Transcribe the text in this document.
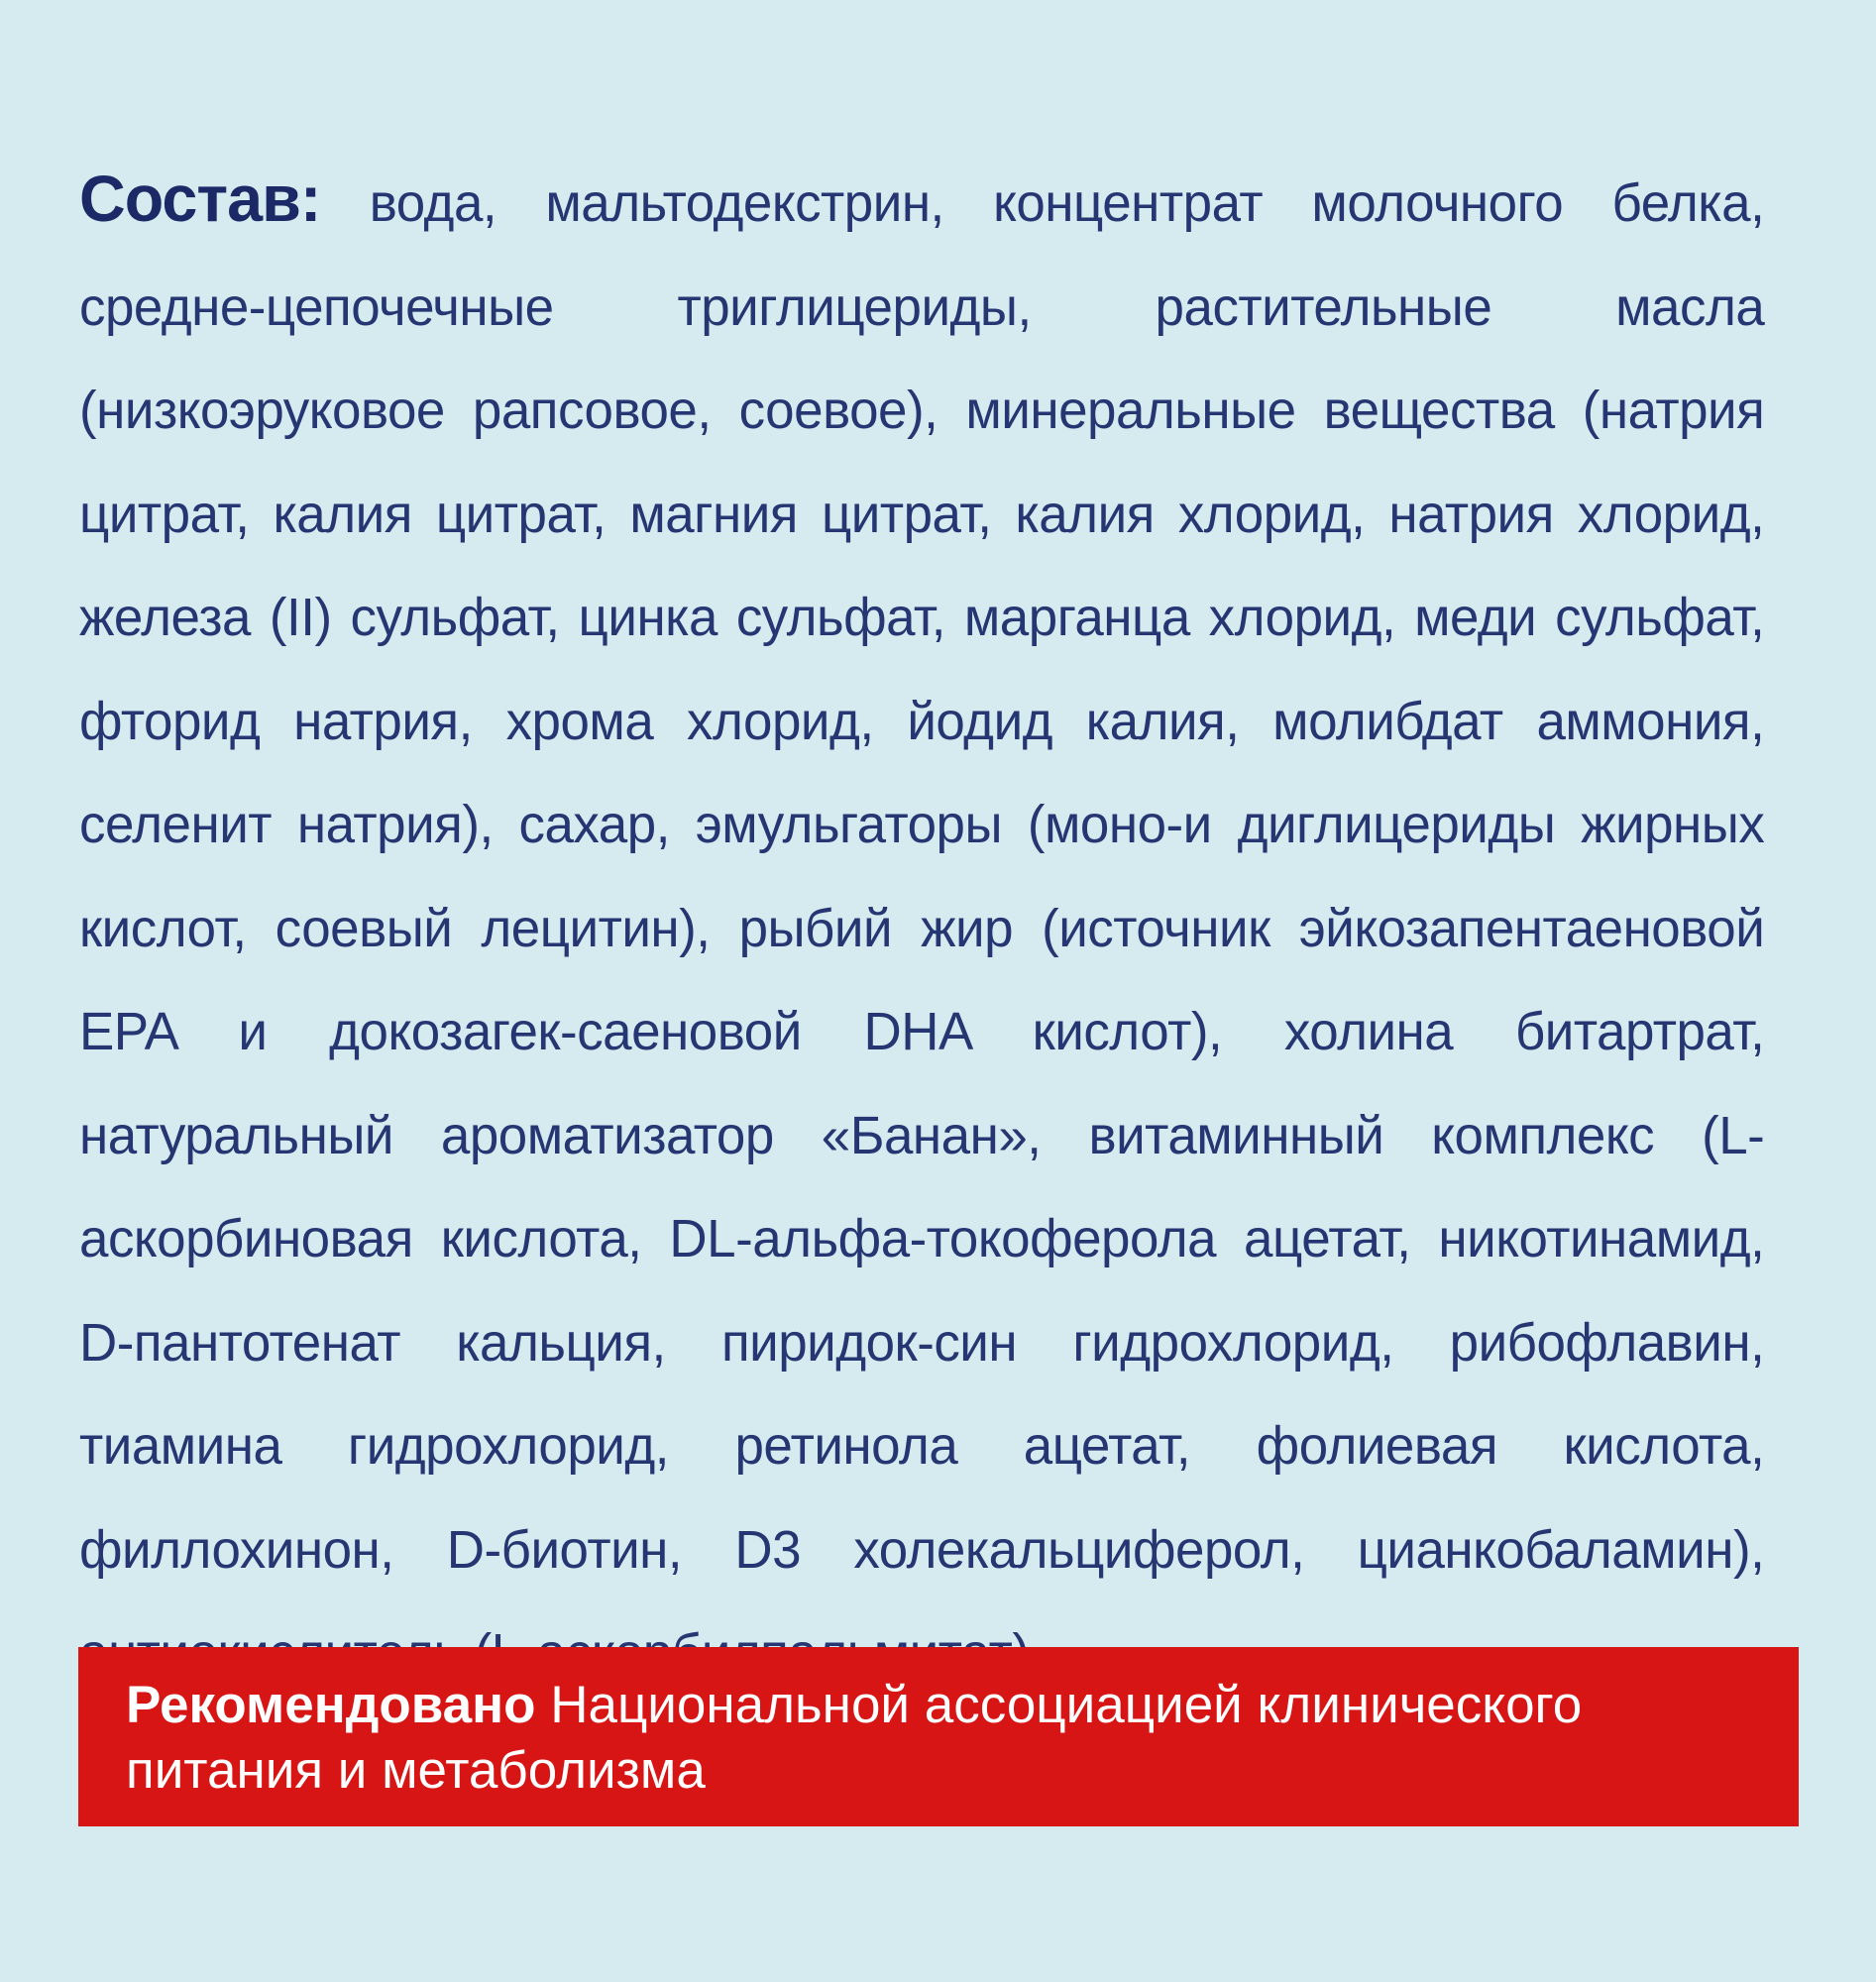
Состав: вода, мальтодекстрин, концентрат молочного белка, средне-цепочечные триглицериды, растительные масла (низкоэруковое рапсовое, соевое), минеральные вещества (натрия цитрат, калия цитрат, магния цитрат, калия хлорид, натрия хлорид, железа (II) сульфат, цинка сульфат, марганца хлорид, меди сульфат, фторид натрия, хрома хлорид, йодид калия, молибдат аммония, селенит натрия), сахар, эмульгаторы (моно-и диглицериды жирных кислот, соевый лецитин), рыбий жир (источник эйкозапентаеновой EPA и докозагек-саеновой DHA кислот), холина битартрат, натуральный ароматизатор «Банан», витаминный комплекс (L-аскорбиновая кислота, DL-альфа-токоферола ацетат, никотинамид, D-пантотенат кальция, пиридок-син гидрохлорид, рибофлавин, тиамина гидрохлорид, ретинола ацетат, фолиевая кислота, филлохинон, D-биотин, D3 холекальциферол, цианкобаламин),
Рекомендовано Национальной ассоциацией клинического питания и метаболизма
